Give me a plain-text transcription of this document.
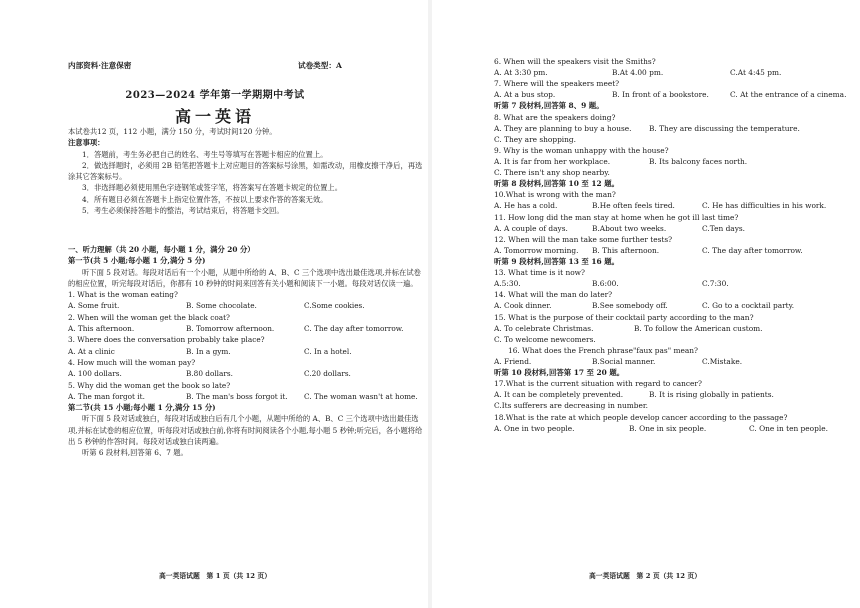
内部资料·注意保密	试卷类型：A
2023—2024 学年第一学期期中考试
高一英语

本试卷共12 页，112 小题，满分 150 分，考试时间120 分钟。

注意事项：

1．答题前，考生务必把自己的姓名、考生号等填写在答题卡相应的位置上。

2．做选择题时，必须用 2B 铅笔把答题卡上对应题目的答案标号涂黑，如需改动，用橡皮擦干净后，再选涂其它答案标号。

3．非选择题必须使用黑色字迹钢笔或签字笔，将答案写在答题卡规定的位置上。

4．所有题目必须在答题卡上指定位置作答，不按以上要求作答的答案无效。

5．考生必须保持答题卡的整洁，考试结束后，将答题卡交回。

一、听力理解（共 20 小题，每小题 1 分，满分 20 分）

第一节(共 5 小题;每小题 1 分,满分 5 分)

听下面 5 段对话。每段对话后有一个小题，从题中所给的 A、B、C 三个选项中选出最佳选项,并标在试卷的相应位置，听完每段对话后，你都有 10 秒钟的时间来回答有关小题和阅读下一小题。每段对话仅读一遍。

1. What is the woman eating?

A. Some fruit.	B. Some chocolate.	C.Some cookies.

2. When will the woman get the black coat?

A. This afternoon.	B. Tomorrow afternoon.	C. The day after tomorrow.

3. Where does the conversation probably take place?

A. At a clinic	B. In a gym.	C. In a hotel.

4. How much will the woman pay?

A. 100 dollars.	B.80 dollars.	C.20 dollars.

5. Why did the woman get the book so late?

A. The man forgot it.	B. The man's boss forgot it.	C. The woman wasn't at home.

第二节(共 15 小题;每小题 1 分,满分 15 分)

听下面 5 段对话或独白，每段对话或独白后有几个小题，从题中所给的 A、B、C 三个选项中选出最佳选项,并标在试卷的相应位置，听每段对话或独白前,你将有时间阅读各个小题,每小题 5 秒钟;听完后，各小题将给出 5 秒钟的作答时间。每段对话或独白读两遍。

听第 6 段材料,回答第 6、7 题。

高一英语试题　第 1 页（共 12 页）

6. When will the speakers visit the Smiths?

A. At 3:30 pm.	B.At 4.00 pm.	C.At 4:45 pm.

7. Where will the speakers meet?

A. At a bus stop.	B. In front of a bookstore.	C. At the entrance of a cinema.

听第 7 段材料,回答第 8、9 题。

8. What are the speakers doing?

A. They are planning to buy a house.	B. They are discussing the temperature.

C. They are shopping.

9. Why is the woman unhappy with the house?

A. It is far from her workplace.	B. Its balcony faces north.

C. There isn't any shop nearby.

听第 8 段材料,回答第 10 至 12 题。

10.What is wrong with the man?

A. He has a cold.	B.He often feels tired.	C. He has difficulties in his work.

11. How long did the man stay at home when he got ill last time?

A. A couple of days.	B.About two weeks.	C.Ten days.

12. When will the man take some further tests?

A. Tomorrow morning.	B. This afternoon.	C. The day after tomorrow.

听第 9 段材料,回答第 13 至 16 题。

13. What time is it now?

A.5:30.	B.6:00.	C.7:30.

14. What will the man do later?

A. Cook dinner.	B.See somebody off.	C. Go to a cocktail party.

15. What is the purpose of their cocktail party according to the man?

A. To celebrate Christmas.	B. To follow the American custom.

C. To welcome newcomers.

16. What does the French phrase"faux pas" mean?

A. Friend.	B.Social manner.	C.Mistake.

听第 10 段材料,回答第 17 至 20 题。

17.What is the current situation with regard to cancer?

A. It can be completely prevented.	B. It is rising globally in patients.

C.Its sufferers are decreasing in number.

18.What is the rate at which people develop cancer according to the passage?

A. One in two people.	B. One in six people.	C. One in ten people.
高一英语试题　第 2 页（共 12 页）
